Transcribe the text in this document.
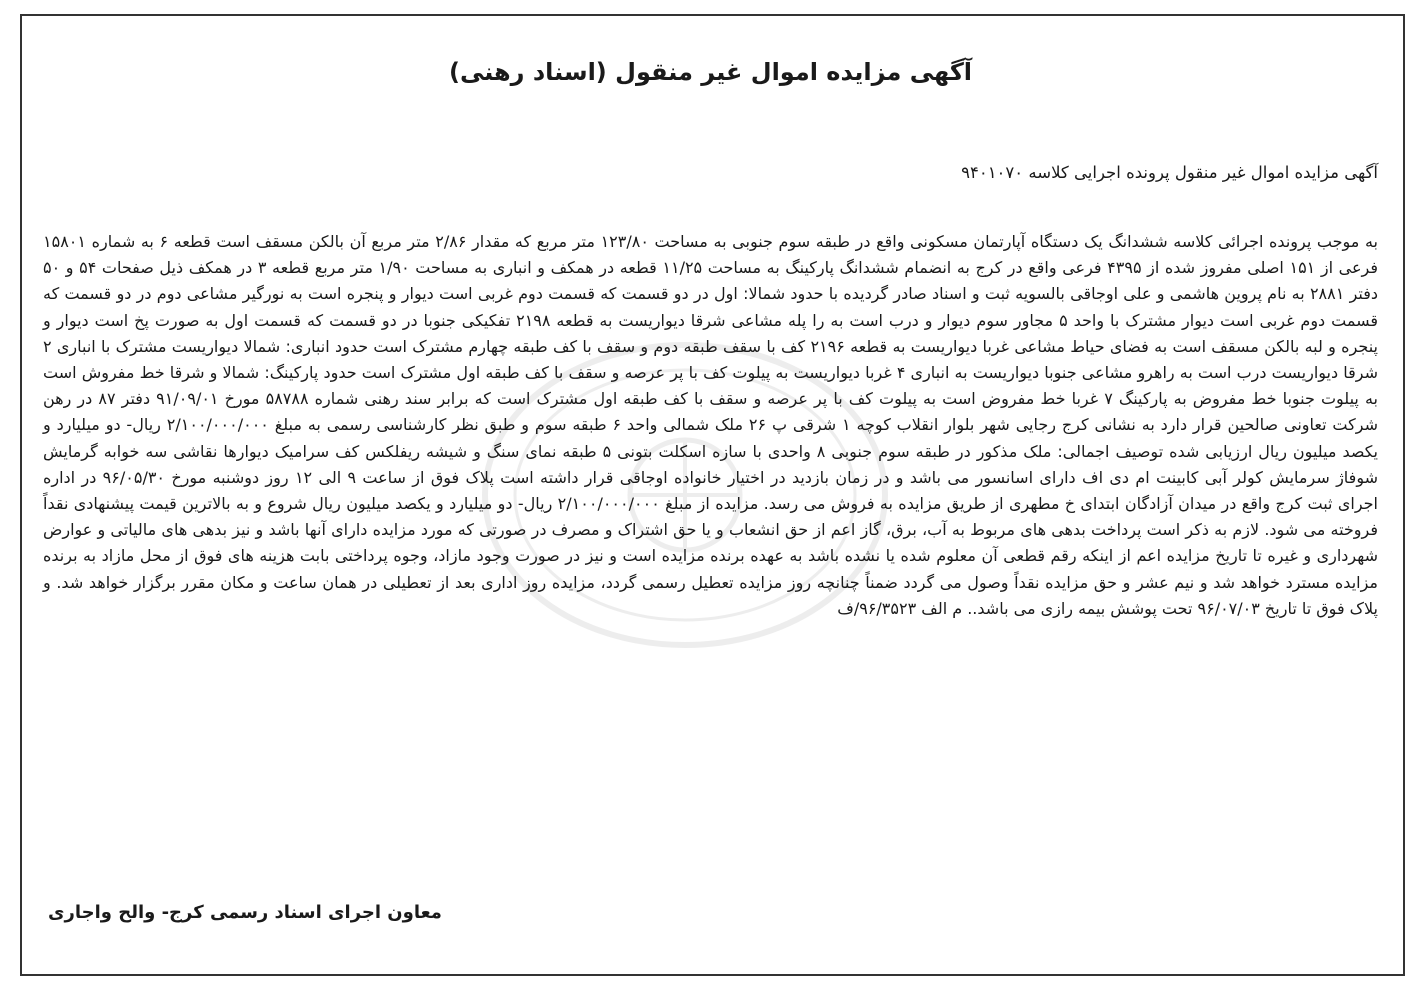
آگهی مزایده اموال غیر منقول (اسناد رهنی)
آگهی مزایده اموال غیر منقول پرونده اجرایی کلاسه ۹۴۰۱۰۷۰
به موجب پرونده اجرائی کلاسه ششدانگ یک دستگاه آپارتمان مسکونی واقع در طبقه سوم جنوبی به مساحت ۱۲۳/۸۰ متر مربع که مقدار ۲/۸۶ متر مربع آن بالکن مسقف است قطعه ۶ به شماره ۱۵۸۰۱ فرعی از ۱۵۱ اصلی مفروز شده از ۴۳۹۵ فرعی واقع در کرج به انضمام ششدانگ پارکینگ به مساحت ۱۱/۲۵ قطعه در همکف و انباری به مساحت ۱/۹۰ متر مربع قطعه ۳ در همکف ذیل صفحات ۵۴ و ۵۰ دفتر ۲۸۸۱ به نام پروین هاشمی و علی اوجاقی بالسویه ثبت و اسناد صادر گردیده با حدود شمالا: اول در دو قسمت که قسمت دوم غربی است دیوار و پنجره است به نورگیر مشاعی دوم در دو قسمت که قسمت دوم غربی است دیوار مشترک با واحد ۵ مجاور سوم دیوار و درب است به را پله مشاعی شرقا دیواریست به قطعه ۲۱۹۸ تفکیکی جنوبا در دو قسمت که قسمت اول به صورت پخ است دیوار و پنجره و لبه بالکن مسقف است به فضای حیاط مشاعی غربا دیواریست به قطعه ۲۱۹۶ کف با سقف طبقه دوم و سقف با کف طبقه چهارم مشترک است حدود انباری: شمالا دیواریست مشترک با انباری ۲ شرقا دیواریست درب است به راهرو مشاعی جنوبا دیواریست به انباری ۴ غربا دیواریست به پیلوت کف با پر عرصه و سقف با کف طبقه اول مشترک است حدود پارکینگ: شمالا و شرقا خط مفروش است به پیلوت جنوبا خط مفروض به پارکینگ ۷ غربا خط مفروض است به پیلوت کف با پر عرصه و سقف با کف طبقه اول مشترک است که برابر سند رهنی شماره ۵۸۷۸۸ مورخ ۹۱/۰۹/۰۱ دفتر ۸۷ در رهن شرکت تعاونی صالحین قرار دارد به نشانی کرج رجایی شهر بلوار انقلاب کوچه ۱ شرقی پ ۲۶ ملک شمالی واحد ۶ طبقه سوم و طبق نظر کارشناسی رسمی به مبلغ ۲/۱۰۰/۰۰۰/۰۰۰ ریال- دو میلیارد و یکصد میلیون ریال ارزیابی شده توصیف اجمالی: ملک مذکور در طبقه سوم جنوبی ۸ واحدی با سازه اسکلت بتونی ۵ طبقه نمای سنگ و شیشه ریفلکس کف سرامیک دیوارها نقاشی سه خوابه گرمایش شوفاژ سرمایش کولر آبی کابینت ام دی اف دارای اسانسور می باشد و در زمان بازدید در اختیار خانواده اوجاقی قرار داشته است پلاک فوق از ساعت ۹ الی ۱۲ روز دوشنبه مورخ ۹۶/۰۵/۳۰ در اداره اجرای ثبت کرج واقع در میدان آزادگان ابتدای خ مطهری از طریق مزایده به فروش می رسد. مزایده از مبلغ ۲/۱۰۰/۰۰۰/۰۰۰ ریال- دو میلیارد و یکصد میلیون ریال شروع و به بالاترین قیمت پیشنهادی نقداً فروخته می شود. لازم به ذکر است پرداخت بدهی های مربوط به آب، برق، گاز اعم از حق انشعاب و یا حق اشتراک و مصرف در صورتی که مورد مزایده دارای آنها باشد و نیز بدهی های مالیاتی و عوارض شهرداری و غیره تا تاریخ مزایده اعم از اینکه رقم قطعی آن معلوم شده یا نشده باشد به عهده برنده مزایده است و نیز در صورت وجود مازاد، وجوه پرداختی بابت هزینه های فوق از محل مازاد به برنده مزایده مسترد خواهد شد و نیم عشر و حق مزایده نقداً وصول می گردد ضمناً چنانچه روز مزایده تعطیل رسمی گردد، مزایده روز اداری بعد از تعطیلی در همان ساعت و مکان مقرر برگزار خواهد شد. و پلاک فوق تا تاریخ ۹۶/۰۷/۰۳ تحت پوشش بیمه رازی می باشد.. م الف ۹۶/۳۵۲۳/ف
معاون اجرای اسناد رسمی کرج- والح واجاری
